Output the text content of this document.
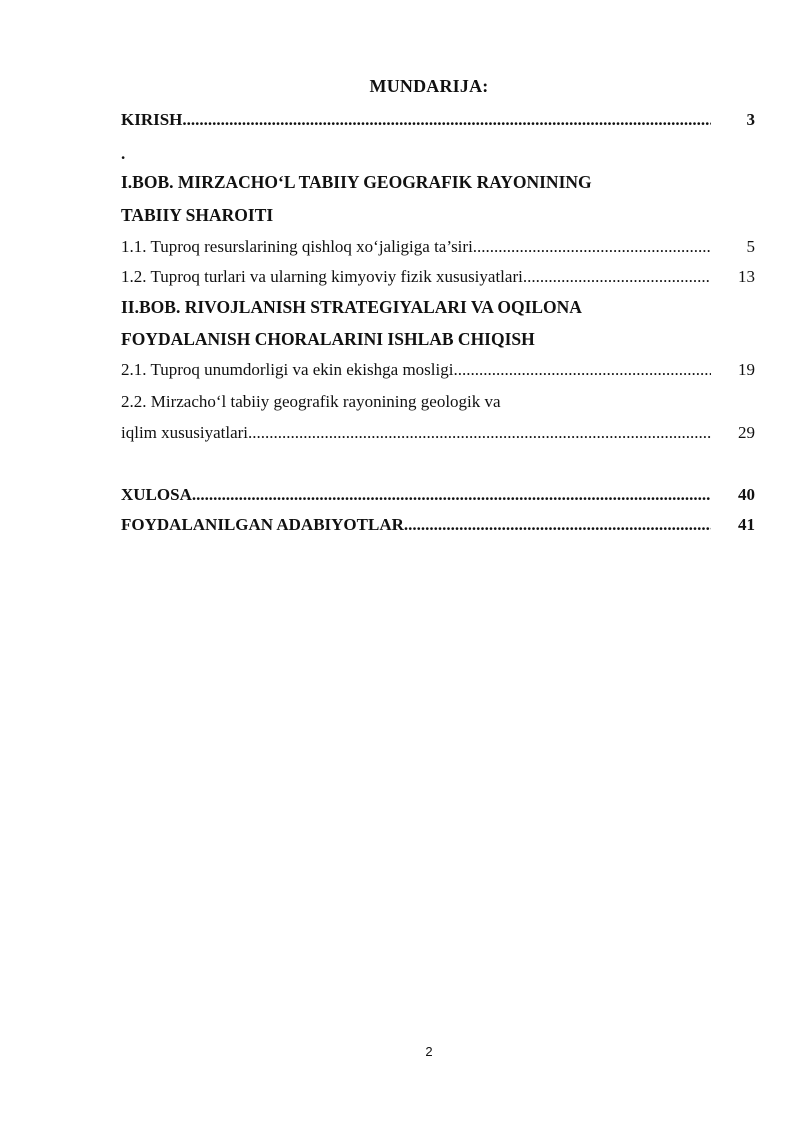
MUNDARIJA:
KIRISH .....	3
.
I.BOB. MIRZACHO‘L TABIIY GEOGRAFIK RAYONINING
TABIIY SHAROITI
1.1. Tuproq resurslarining qishloq xo‘jaligiga ta’siri .....	5
1.2. Tuproq turlari va ularning kimyoviy fizik xususiyatlari .....	13
II.BOB. RIVOJLANISH STRATEGIYALARI VA OQILONA
FOYDALANISH CHORALARINI ISHLAB CHIQISH
2.1. Tuproq unumdorligi va ekin ekishga mosligi .....	19
2.2. Mirzacho‘l tabiiy geografik rayonining geologik va
iqlim xususiyatlari .....	29
XULOSA .....	40
FOYDALANILGAN ADABIYOTLAR .....	41
2
